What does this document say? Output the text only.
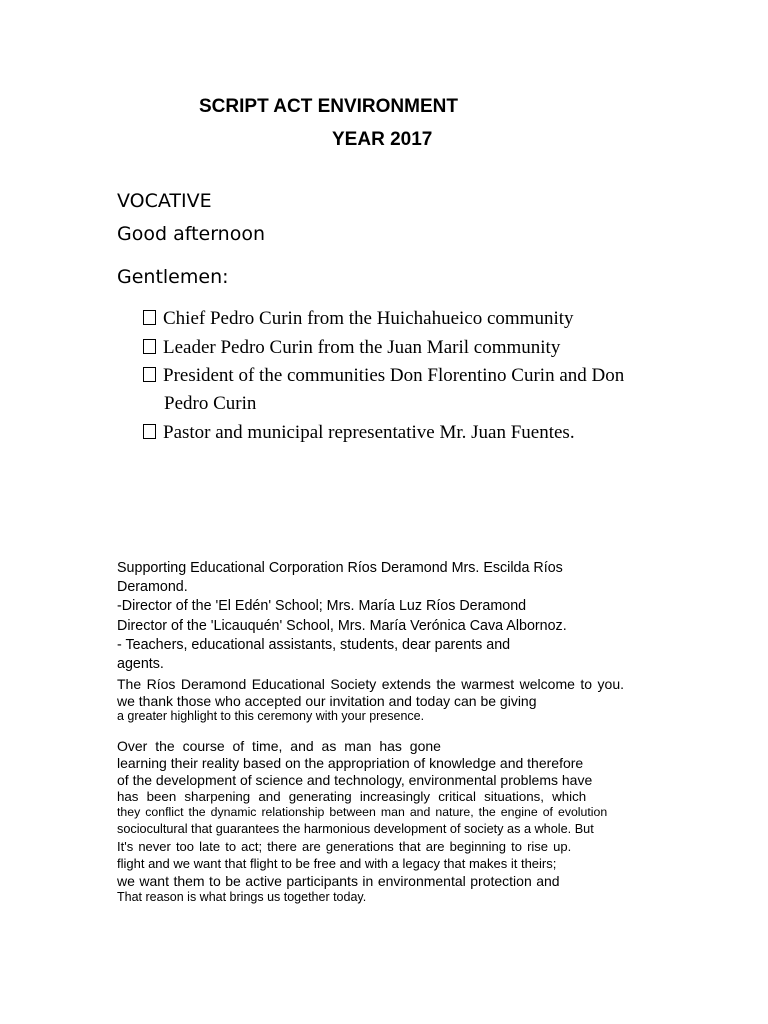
SCRIPT ACT ENVIRONMENT
YEAR 2017
VOCATIVE
Good afternoon
Gentlemen:
Chief Pedro Curin from the Huichahueico community
Leader Pedro Curin from the Juan Maril community
President of the communities Don Florentino Curin and Don
Pedro Curin
Pastor and municipal representative Mr. Juan Fuentes.
Supporting Educational Corporation Ríos Deramond Mrs. Escilda Ríos
Deramond.
-Director of the 'El Edén' School; Mrs. María Luz Ríos Deramond
Director of the 'Licauquén' School, Mrs. María Verónica Cava Albornoz.
- Teachers, educational assistants, students, dear parents and
agents.
The Ríos Deramond Educational Society extends the warmest welcome to you.
we thank those who accepted our invitation and today can be giving
a greater highlight to this ceremony with your presence.
Over the course of time, and as man has gone
learning their reality based on the appropriation of knowledge and therefore
of the development of science and technology, environmental problems have
has been sharpening and generating increasingly critical situations, which
they conflict the dynamic relationship between man and nature, the engine of evolution
sociocultural that guarantees the harmonious development of society as a whole. But
It's never too late to act; there are generations that are beginning to rise up.
flight and we want that flight to be free and with a legacy that makes it theirs;
we want them to be active participants in environmental protection and
That reason is what brings us together today.
